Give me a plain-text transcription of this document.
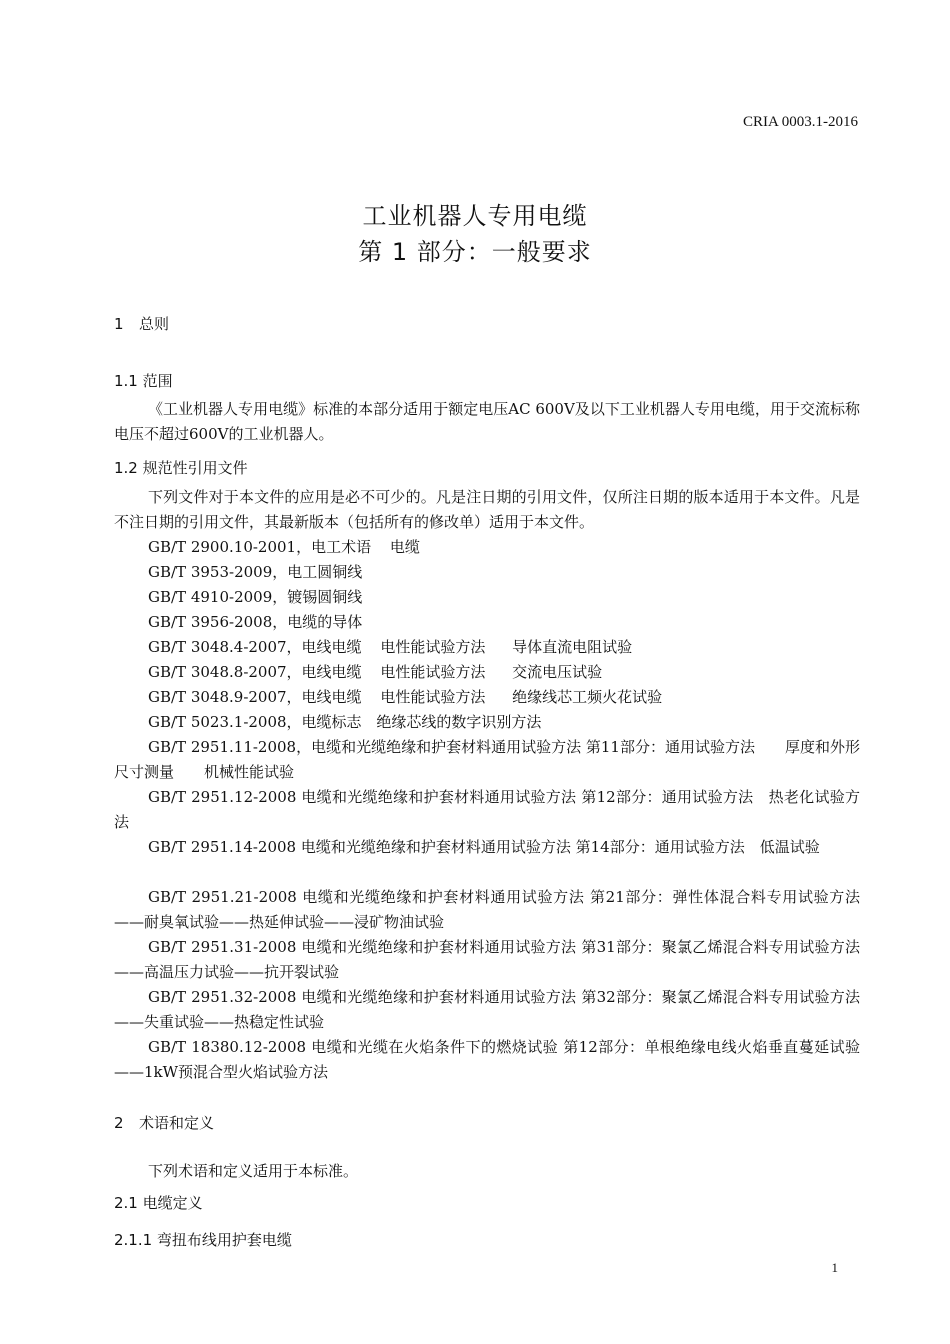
CRIA 0003.1-2016
工业机器人专用电缆
第 1 部分：一般要求
1 总则
1.1 范围
《工业机器人专用电缆》标准的本部分适用于额定电压AC 600V及以下工业机器人专用电缆，用于交流标称电压不超过600V的工业机器人。
1.2 规范性引用文件
下列文件对于本文件的应用是必不可少的。凡是注日期的引用文件，仅所注日期的版本适用于本文件。凡是不注日期的引用文件，其最新版本（包括所有的修改单）适用于本文件。
GB/T 2900.10-2001，电工术语 电缆
GB/T 3953-2009，电工圆铜线
GB/T 4910-2009，镀锡圆铜线
GB/T 3956-2008，电缆的导体
GB/T 3048.4-2007，电线电缆 电性能试验方法 导体直流电阻试验
GB/T 3048.8-2007，电线电缆 电性能试验方法 交流电压试验
GB/T 3048.9-2007，电线电缆 电性能试验方法 绝缘线芯工频火花试验
GB/T 5023.1-2008，电缆标志 绝缘芯线的数字识别方法
GB/T 2951.11-2008，电缆和光缆绝缘和护套材料通用试验方法 第11部分：通用试验方法　　厚度和外形尺寸测量　　机械性能试验
GB/T 2951.12-2008 电缆和光缆绝缘和护套材料通用试验方法 第12部分：通用试验方法　热老化试验方法
GB/T 2951.14-2008 电缆和光缆绝缘和护套材料通用试验方法 第14部分：通用试验方法　低温试验
GB/T 2951.21-2008 电缆和光缆绝缘和护套材料通用试验方法 第21部分：弹性体混合料专用试验方法——耐臭氧试验——热延伸试验——浸矿物油试验
GB/T 2951.31-2008 电缆和光缆绝缘和护套材料通用试验方法 第31部分：聚氯乙烯混合料专用试验方法——高温压力试验——抗开裂试验
GB/T 2951.32-2008 电缆和光缆绝缘和护套材料通用试验方法 第32部分：聚氯乙烯混合料专用试验方法——失重试验——热稳定性试验
GB/T 18380.12-2008 电缆和光缆在火焰条件下的燃烧试验 第12部分：单根绝缘电线火焰垂直蔓延试验——1kW预混合型火焰试验方法
2 术语和定义
下列术语和定义适用于本标准。
2.1 电缆定义
2.1.1 弯扭布线用护套电缆
1
